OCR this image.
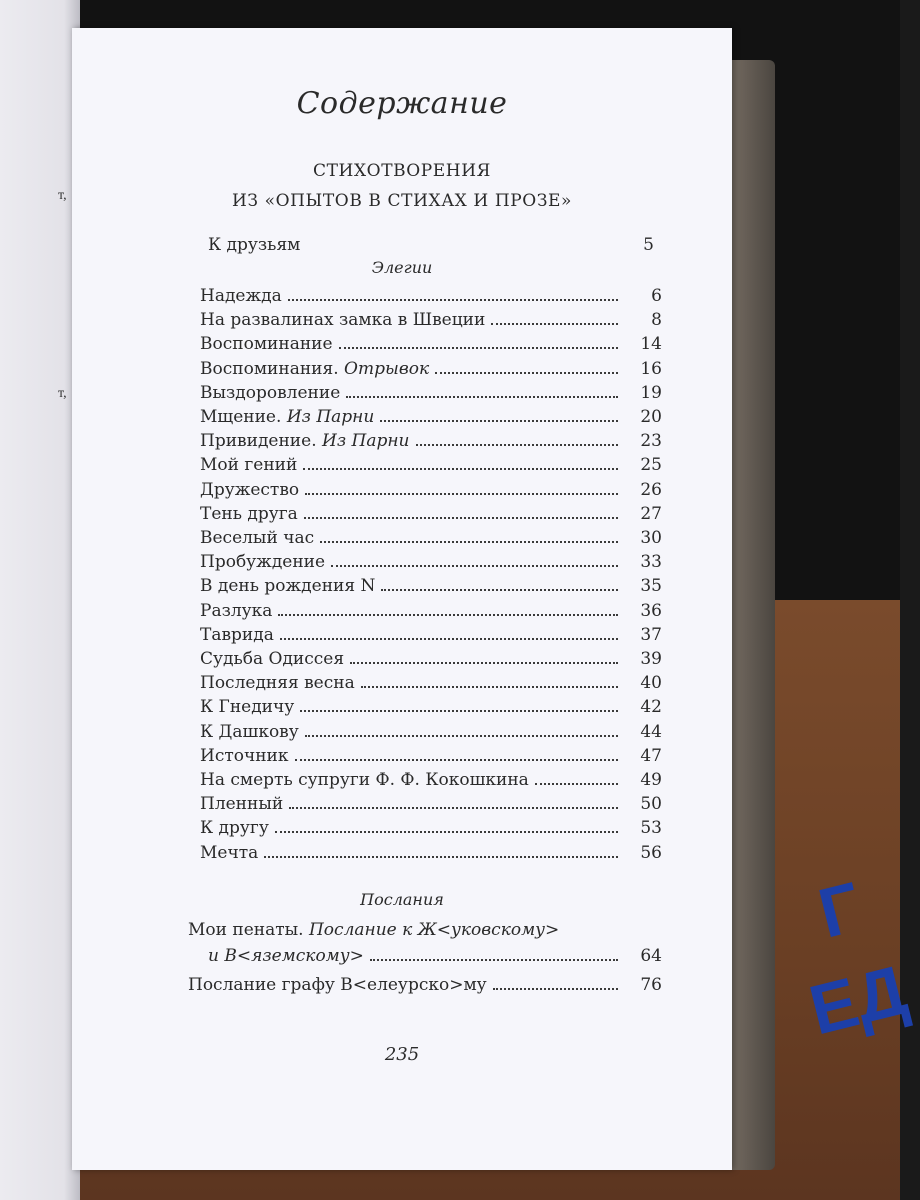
т,
т,
Г
ЕД
Содержание
СТИХОТВОРЕНИЯ
ИЗ «ОПЫТОВ В СТИХАХ И ПРОЗЕ»
К друзьям	5
Элегии
Надежда	6
На развалинах замка в Швеции	8
Воспоминание	14
Воспоминания. Отрывок	16
Выздоровление	19
Мщение. Из Парни	20
Привидение. Из Парни	23
Мой гений	25
Дружество	26
Тень друга	27
Веселый час	30
Пробуждение	33
В день рождения N	35
Разлука	36
Таврида	37
Судьба Одиссея	39
Последняя весна	40
К Гнедичу	42
К Дашкову	44
Источник	47
На смерть супруги Ф. Ф. Кокошкина	49
Пленный	50
К другу	53
Мечта	56
Послания
Мои пенаты. Послание к Ж<уковскому>
и В<яземскому>	64
Послание графу В<елеурско>му	76
235
